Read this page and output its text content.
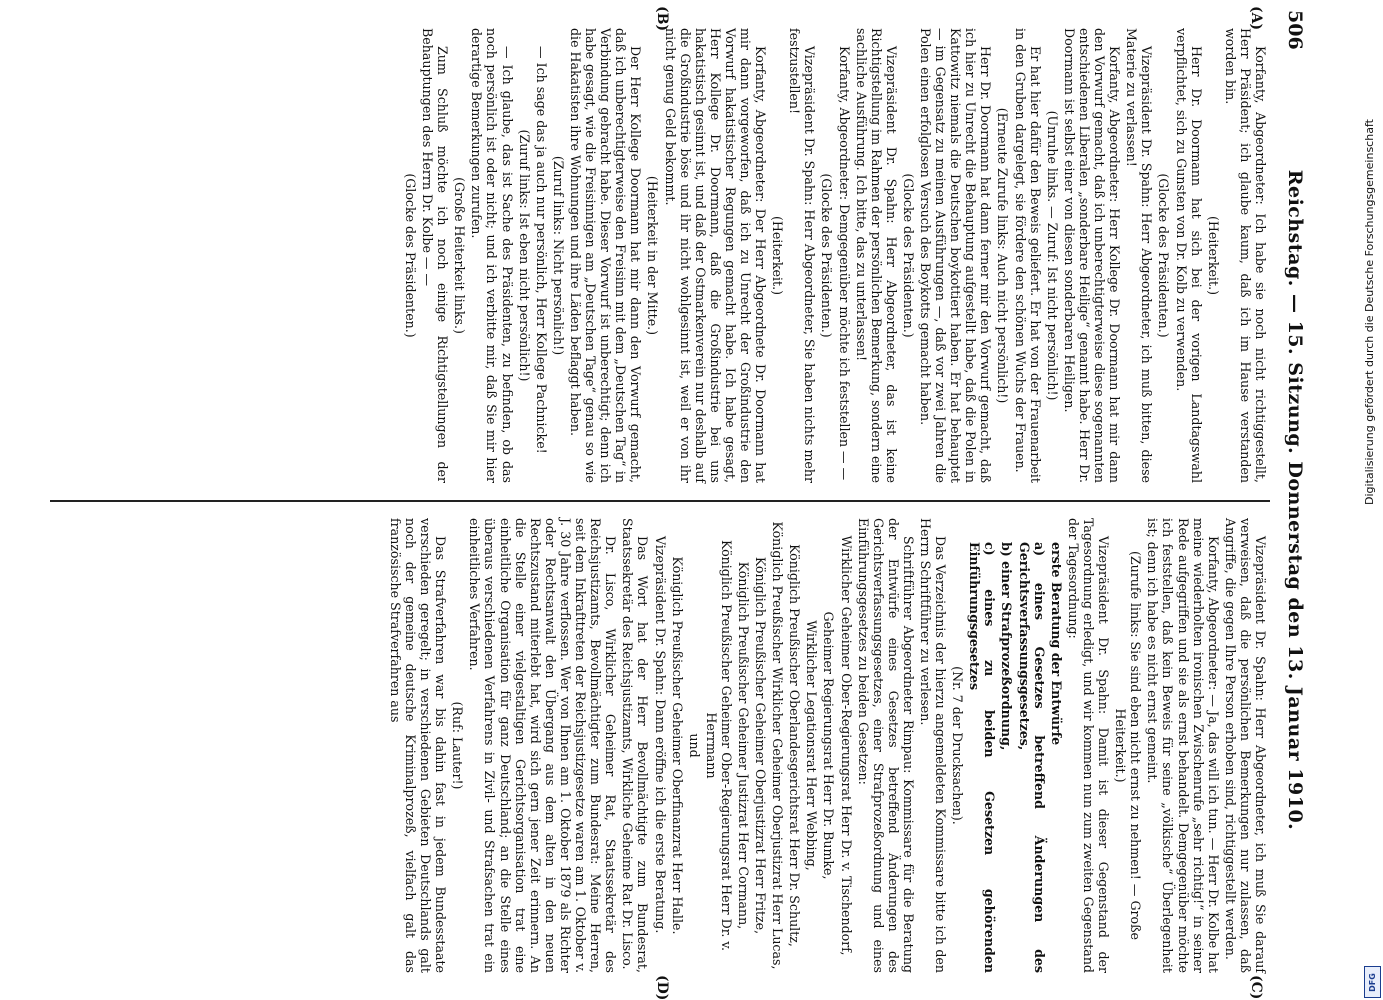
506
Reichstag. — 15. Sitzung. Donnerstag den 13. Januar 1910.
(A)
(B)
(C)
(D)

Korfanty, Abgeordneter: Ich habe sie noch nicht richtiggestellt, Herr Präsident; ich glaube kaum, daß ich im Hause verstanden worden bin.

(Heiterkeit.)

Herr Dr. Doormann hat sich bei der vorigen Landtagswahl verpflichtet, sich zu Gunsten von Dr. Kolb zu verwenden.

(Glocke des Präsidenten.)

Vizepräsident Dr. Spahn: Herr Abgeordneter, ich muß bitten, diese Materie zu verlassen!

Korfanty, Abgeordneter: Herr Kollege Dr. Doormann hat mir dann den Vorwurf gemacht, daß ich unberechtigterweise diese sogenannten entschiedenen Liberalen „sonderbare Heilige“ genannt habe. Herr Dr. Doormann ist selbst einer von diesen sonderbaren Heiligen.

(Unruhe links. — Zuruf: Ist nicht persönlich!)

Er hat hier dafür den Beweis geliefert. Er hat von der Frauenarbeit in den Gruben dargelegt, sie fördere den schönen Wuchs der Frauen.

(Erneute Zurufe links: Auch nicht persönlich!)

Herr Dr. Doormann hat dann ferner mir den Vorwurf gemacht, daß ich hier zu Unrecht die Behauptung aufgestellt habe, daß die Polen in Kattowitz niemals die Deutschen boykottiert haben. Er hat behauptet — im Gegensatz zu meinen Ausführungen —, daß vor zwei Jahren die Polen einen erfolglosen Versuch des Boykotts gemacht haben.

(Glocke des Präsidenten.)

Vizepräsident Dr. Spahn: Herr Abgeordneter, das ist keine Richtigstellung im Rahmen der persönlichen Bemerkung, sondern eine sachliche Ausführung. Ich bitte, das zu unterlassen!

Korfanty, Abgeordneter: Demgegenüber möchte ich feststellen — —

(Glocke des Präsidenten.)

Vizepräsident Dr. Spahn: Herr Abgeordneter, Sie haben nichts mehr festzustellen!

(Heiterkeit.)

Korfanty, Abgeordneter: Der Herr Abgeordnete Dr. Doormann hat mir dann vorgeworfen, daß ich zu Unrecht der Großindustrie den Vorwurf hakatistischer Regungen gemacht habe. Ich habe gesagt, Herr Kollege Dr. Doormann, daß die Großindustrie bei uns hakatistisch gesinnt ist, und daß der Ostmarkenverein nur deshalb auf die Großindustrie böse und ihr nicht wohlgesinnt ist, weil er von ihr nicht genug Geld bekommt.

(Heiterkeit in der Mitte.)

Der Herr Kollege Doormann hat mir dann den Vorwurf gemacht, daß ich unberechtigterweise den Freisinn mit dem „Deutschen Tag“ in Verbindung gebracht habe. Dieser Vorwurf ist unberechtigt; denn ich habe gesagt, wie die Freisinnigen am „Deutschen Tage“ genau so wie die Hakatisten ihre Wohnungen und ihre Läden beflaggt haben.

(Zuruf links: Nicht persönlich!)

— Ich sage das ja auch nur persönlich, Herr Kollege Pachnicke!

(Zuruf links: Ist eben nicht persönlich!)

— Ich glaube, das ist Sache des Präsidenten, zu befinden, ob das noch persönlich ist oder nicht; und ich verbitte mir, daß Sie mir hier derartige Bemerkungen zurufen.

(Große Heiterkeit links.)

Zum Schluß möchte ich noch einige Richtigstellungen der Behauptungen des Herrn Dr. Kolbe — —

(Glocke des Präsidenten.)

Vizepräsident Dr. Spahn: Herr Abgeordneter, ich muß Sie darauf verweisen, daß die persönlichen Bemerkungen nur zulassen, daß Angriffe, die gegen Ihre Person erhoben sind, richtiggestellt werden.

Korfanty, Abgeordneter: — Ja, das will ich tun. — Herr Dr. Kolbe hat meine wiederholten ironischen Zwischenrufe „sehr richtig!“ in seiner Rede aufgegriffen und sie als ernst behandelt. Demgegenüber möchte ich feststellen, daß kein Beweis für seine „völkische“ Überlegenheit ist; denn ich habe es nicht ernst gemeint.

(Zurufe links: Sie sind eben nicht ernst zu nehmen! — Große Heiterkeit.)

Vizepräsident Dr. Spahn: Damit ist dieser Gegenstand der Tagesordnung erledigt, und wir kommen nun zum zweiten Gegenstand der Tagesordnung:

erste Beratung der Entwürfe

a) eines Gesetzes betreffend Änderungen des Gerichtsverfassungsgesetzes,

b) einer Strafprozeßordnung,

c) eines zu beiden Gesetzen gehörenden Einführungsgesetzes

(Nr. 7 der Drucksachen).

Das Verzeichnis der hierzu angemeldeten Kommissare bitte ich den Herrn Schriftführer zu verlesen.

Schriftführer Abgeordneter Rimpau: Kommissare für die Beratung der Entwürfe eines Gesetzes betreffend Änderungen des Gerichtsverfassungsgesetzes, einer Strafprozeßordnung und eines Einführungsgesetzes zu beiden Gesetzen:

Wirklicher Geheimer Ober-Regierungsrat Herr Dr. v. Tischendorf,

Geheimer Regierungsrat Herr Dr. Bumke,

Wirklicher Legationsrat Herr Webbing,

Königlich Preußischer Oberlandesgerichtsrat Herr Dr. Schultz,

Königlich Preußischer Wirklicher Geheimer Oberjustizrat Herr Lucas,

Königlich Preußischer Geheimer Oberjustizrat Herr Fritze,

Königlich Preußischer Geheimer Justizrat Herr Cormann,

Königlich Preußischer Geheimer Ober-Regierungsrat Herr Dr. v. Herrmann

und

Königlich Preußischer Geheimer Oberfinanzrat Herr Halle.

Vizepräsident Dr. Spahn: Dann eröffne ich die erste Beratung.

Das Wort hat der Herr Bevollmächtigte zum Bundesrat, Staatssekretär des Reichsjustizamts, Wirkliche Geheime Rat Dr. Lisco.

Dr. Lisco, Wirklicher Geheimer Rat, Staatssekretär des Reichsjustizamts, Bevollmächtigter zum Bundesrat: Meine Herren, seit dem Inkrafttreten der Reichsjustizgesetze waren am 1. Oktober v. J. 30 Jahre verflossen. Wer von Ihnen am 1. Oktober 1879 als Richter oder Rechtsanwalt den Übergang aus dem alten in den neuen Rechtszustand miterlebt hat, wird sich gern jener Zeit erinnern. An die Stelle einer vielgestaltigen Gerichtsorganisation trat eine einheitliche Organisation für ganz Deutschland; an die Stelle eines überaus verschiedenen Verfahrens in Zivil- und Strafsachen trat ein einheitliches Verfahren.

(Ruf: Lauter!)

Das Strafverfahren war bis dahin fast in jedem Bundesstaate verschieden geregelt; in verschiedenen Gebieten Deutschlands galt noch der gemeine deutsche Kriminalprozeß, vielfach galt das französische Strafverfahren aus

Digitalisierung gefördert durch die Deutsche Forschungsgemeinschaft
DFG
